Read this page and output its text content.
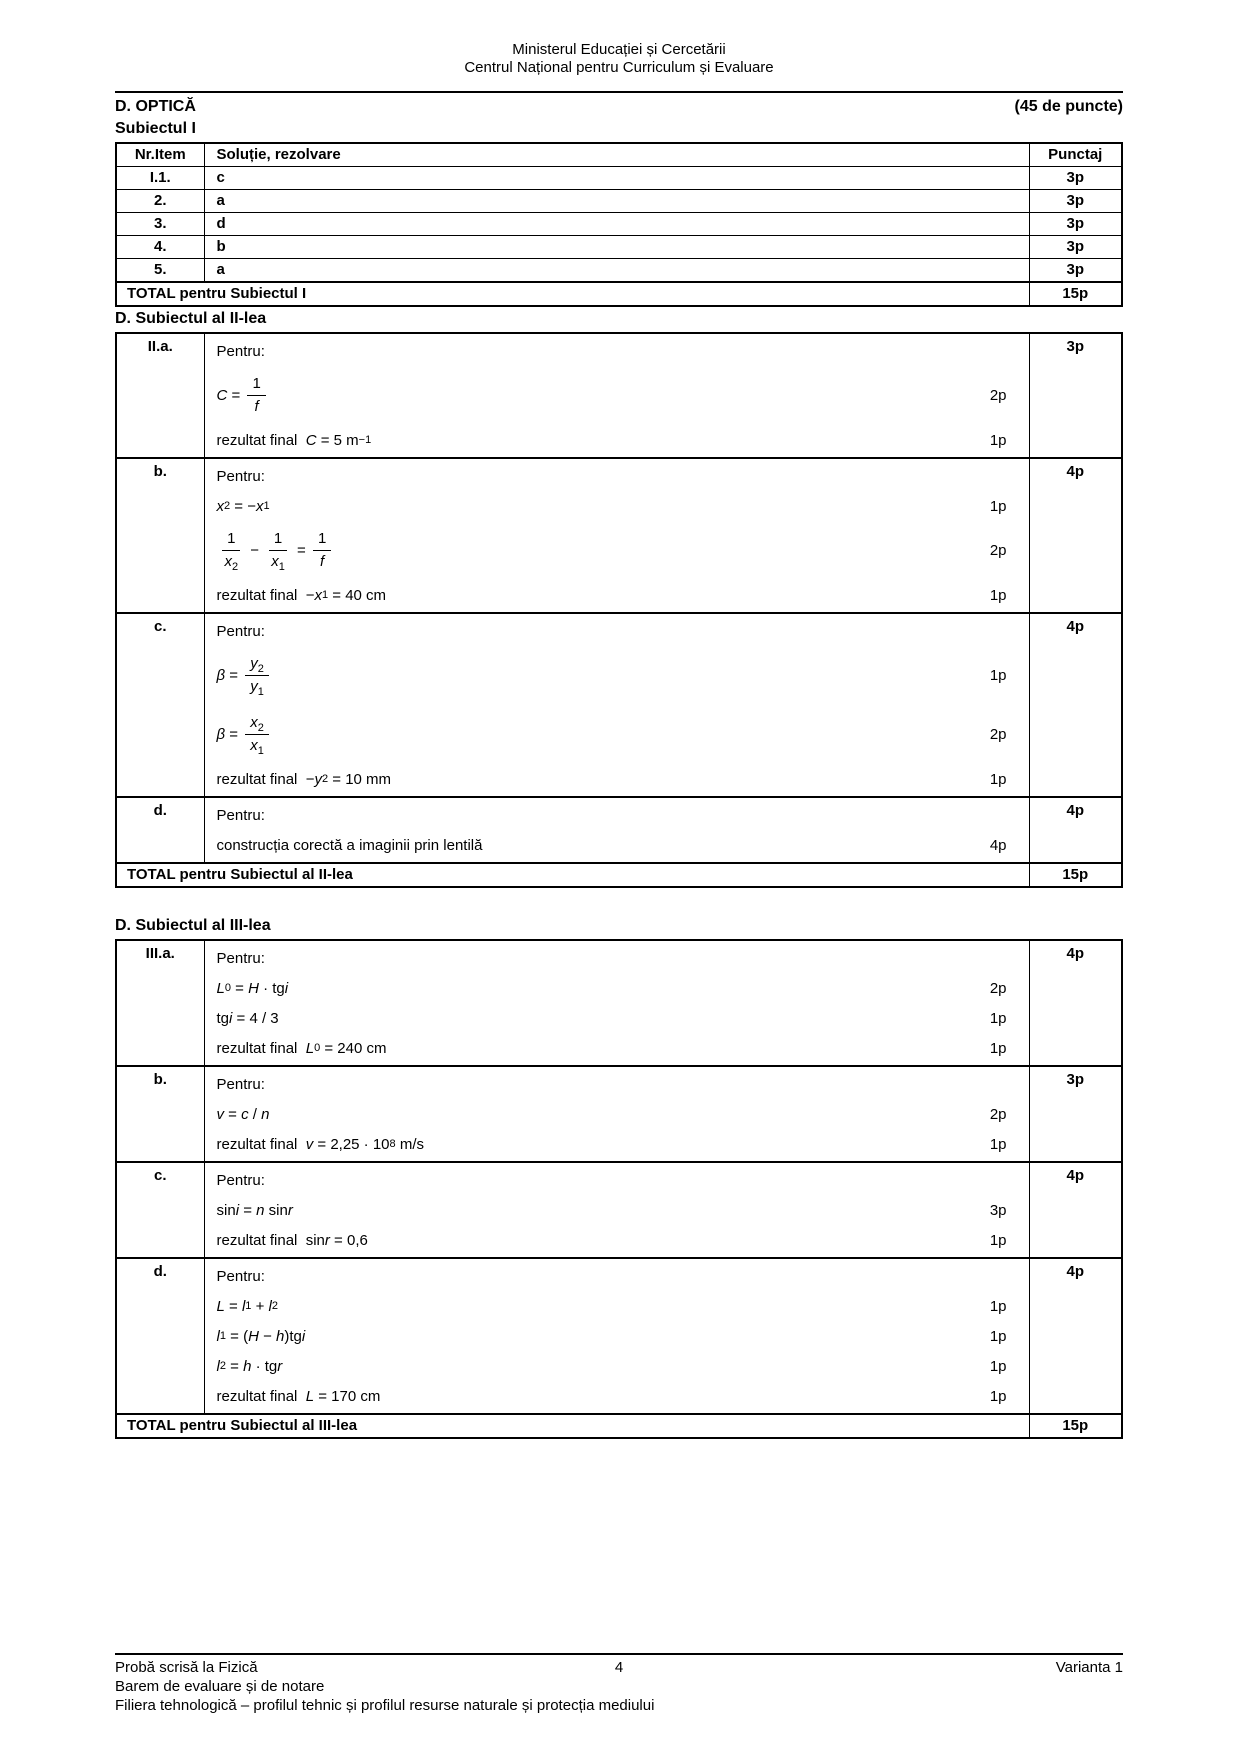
Ministerul Educației și Cercetării
Centrul Național pentru Curriculum și Evaluare
D. OPTICĂ	(45 de puncte)
Subiectul I
Nr.Item	Soluție, rezolvare	Punctaj
I.1.	c	3p
2.	a	3p
3.	d	3p
4.	b	3p
5.	a	3p
TOTAL pentru Subiectul I		15p
D. Subiectul al II-lea
II.a.	Pentru:
$C = \frac{1}{f}$	2p
rezultat final C = 5 m −1	1p
	3p
b.	Pentru:
x 2 = − x 1	1p
$\frac{1}{x_2} - \frac{1}{x_1} = \frac{1}{f}$	2p
rezultat final  − x 1 = 40 cm	1p
	4p
c.	Pentru:
$\beta = \frac{y_2}{y_1}$	1p
$\beta = \frac{x_2}{x_1}$	2p
rezultat final  − y 2 = 10 mm	1p
	4p
d.	Pentru:
construcția corectă a imaginii prin lentilă 4p	4p
TOTAL pentru Subiectul al II-lea		15p
D. Subiectul al III-lea
III.a.	Pentru:
L 0 = H · tg i	2p
tg i = 4 / 3	1p
rezultat final L 0 = 240 cm	1p
	4p
b.	Pentru:
v = c / n	2p
rezultat final v = 2,25 · 10 8 m/s	1p
	3p
c.	Pentru:
sin i = n sin r	3p
rezultat final  sin r = 0,6	1p
	4p
d.	Pentru:
L = l 1 + l 2	1p
l 1 = ( H − h )tg i	1p
l 2 = h · tg r	1p
rezultat final L = 170 cm	1p
	4p
TOTAL pentru Subiectul al III-lea		15p
Probă scrisă la Fizică	4	Varianta 1
Barem de evaluare și de notare
Filiera tehnologică – profilul tehnic și profilul resurse naturale și protecția mediului
